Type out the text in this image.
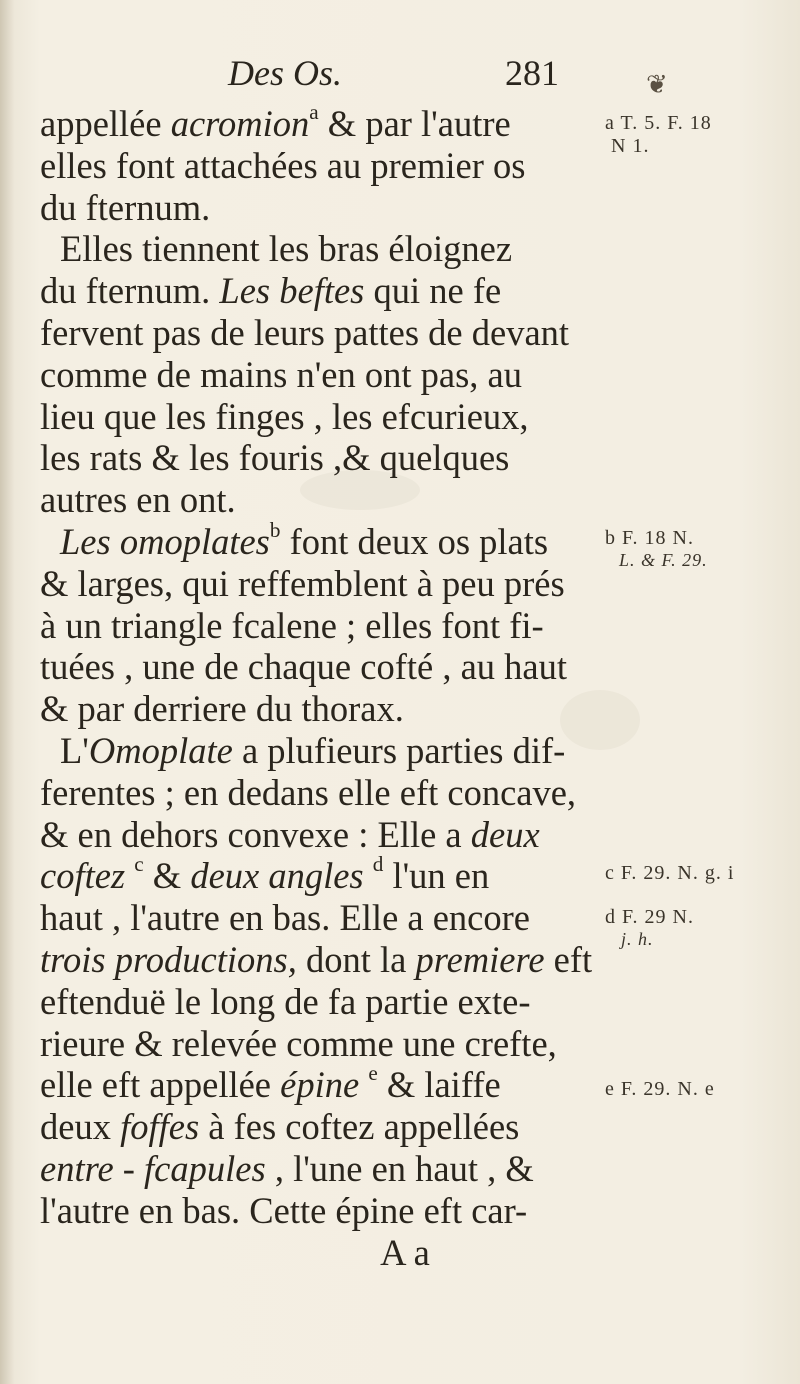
Des Os.	281	❦
appellée acromion$^a$ & par l'autre
elles font attachées au premier os
du fternum.
Elles tiennent les bras éloignez
du fternum. Les beftes qui ne fe
fervent pas de leurs pattes de devant
comme de mains n'en ont pas, au
lieu que les finges , les efcurieux,
les rats & les fouris ,& quelques
autres en ont.
Les omoplates$^b$ font deux os plats
& larges, qui reffemblent à peu prés
à un triangle fcalene ; elles font fi-
tuées , une de chaque cofté , au haut
& par derriere du thorax.
L'Omoplate a plufieurs parties dif-
ferentes ; en dedans elle eft concave,
& en dehors convexe : Elle a deux
coftez $^c$ & deux angles $^d$ l'un en
haut , l'autre en bas. Elle a encore
trois productions, dont la premiere eft
eftenduë le long de fa partie exte-
rieure & relevée comme une crefte,
elle eft appellée épine $^e$ & laiffe
deux foffes à fes coftez appellées
entre - fcapules , l'une en haut , &
l'autre en bas. Cette épine eft car-
A a
a T. 5. F. 18
N 1.
b F. 18 N.
L. & F. 29.
c F. 29. N. g. i
d F. 29 N.
j. h.
e F. 29. N. e
